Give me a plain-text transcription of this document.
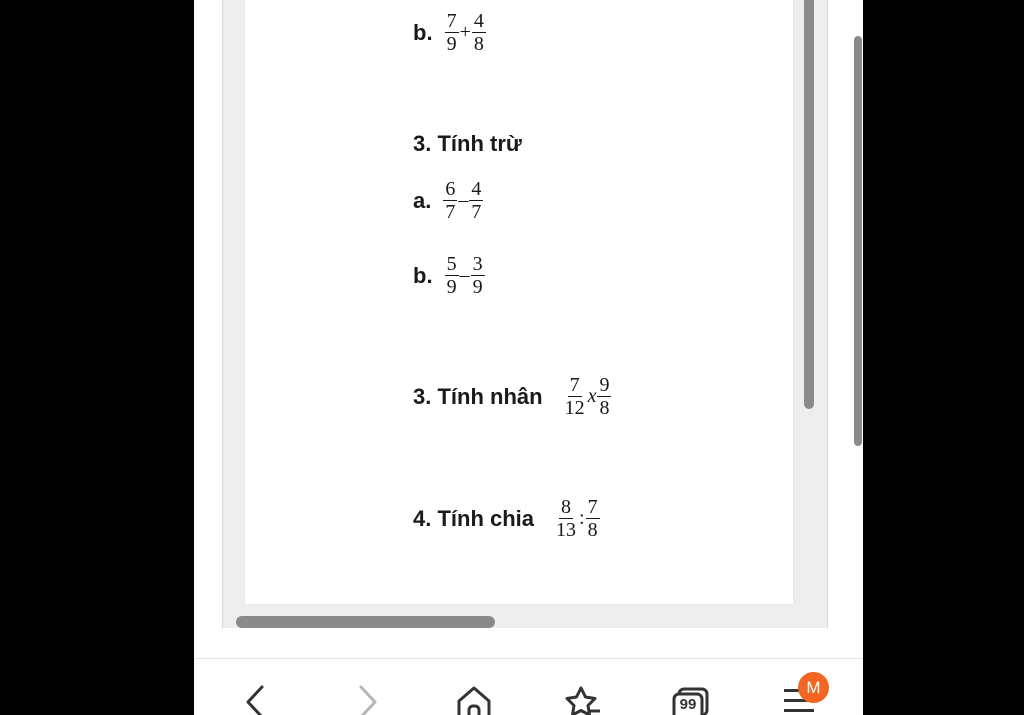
b. $\frac{7}{9} + \frac{4}{8}$
3. Tính trừ
a. $\frac{6}{7} - \frac{4}{7}$
b. $\frac{5}{9} - \frac{3}{9}$
3. Tính nhân $\frac{7}{12}$ x $\frac{9}{8}$
4. Tính chia $\frac{8}{13}$ : $\frac{7}{8}$
99
M
